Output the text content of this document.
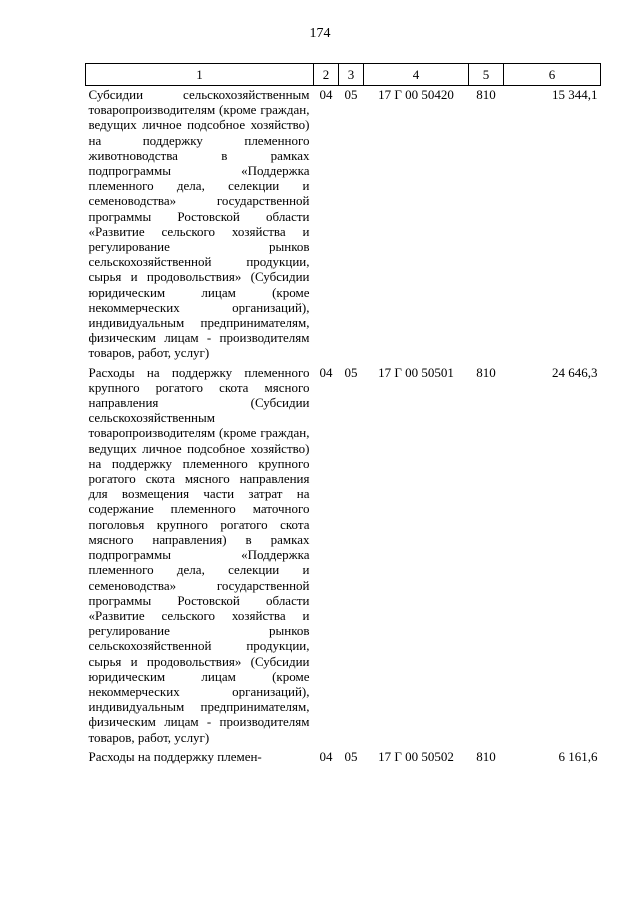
174
1	2	3	4	5	6
Субсидии сельскохозяйственным товаропроизводителям (кроме граждан, ведущих личное подсобное хозяйство) на поддержку племенного животноводства в рамках подпрограммы «Поддержка племенного дела, селекции и семеноводства» государственной программы Ростовской области «Развитие сельского хозяйства и регулирование рынков сельскохозяйственной продукции, сырья и продовольствия» (Субсидии юридическим лицам (кроме некоммерческих организаций), индивидуальным предпринимателям, физическим лицам - производителям товаров, работ, услуг)	04	05	17 Г 00 50420	810	15 344,1
Расходы на поддержку племенного крупного рогатого скота мясного направления (Субсидии сельскохозяйственным товаропроизводителям (кроме граждан, ведущих личное подсобное хозяйство) на поддержку племенного крупного рогатого скота мясного направления для возмещения части затрат на содержание племенного маточного поголовья крупного рогатого скота мясного направления) в рамках подпрограммы «Поддержка племенного дела, селекции и семеноводства» государственной программы Ростовской области «Развитие сельского хозяйства и регулирование рынков сельскохозяйственной продукции, сырья и продовольствия» (Субсидии юридическим лицам (кроме некоммерческих организаций), индивидуальным предпринимателям, физическим лицам - производителям товаров, работ, услуг)	04	05	17 Г 00 50501	810	24 646,3
Расходы на поддержку племен-	04	05	17 Г 00 50502	810	6 161,6
